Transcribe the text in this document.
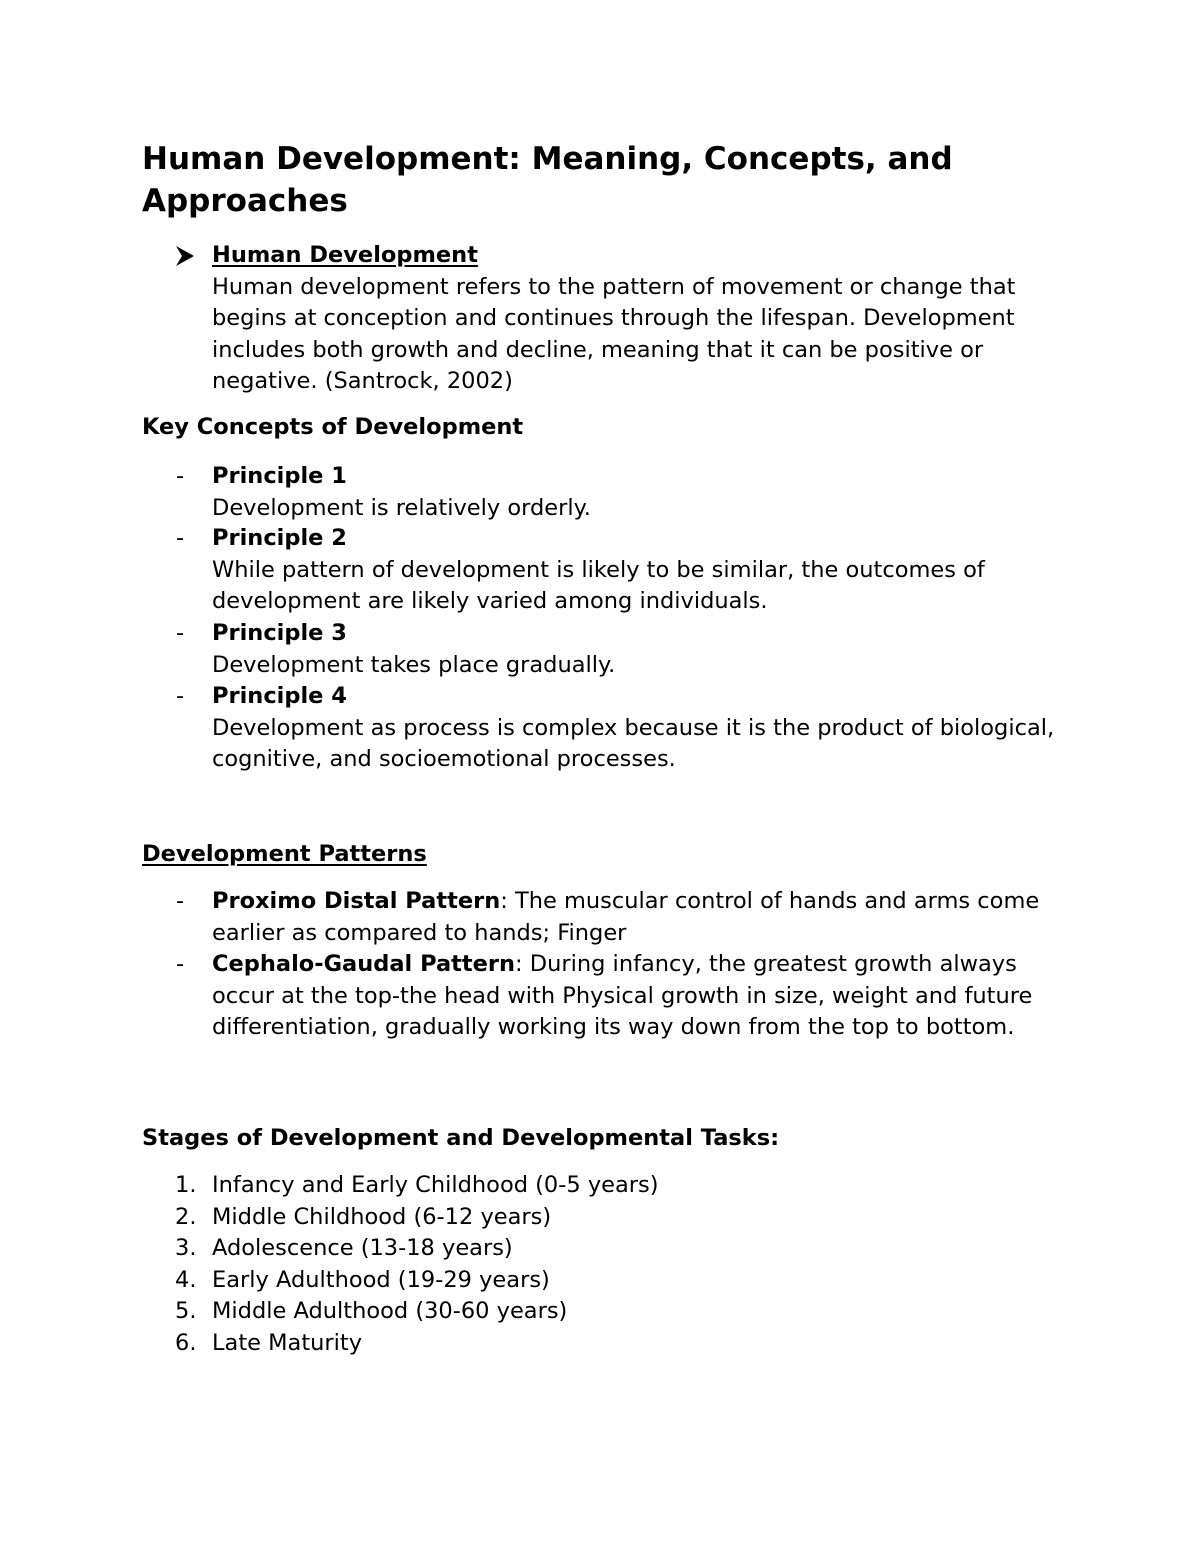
Human Development: Meaning, Concepts, and Approaches
Human Development
Human development refers to the pattern of movement or change that begins at conception and continues through the lifespan. Development includes both growth and decline, meaning that it can be positive or negative. (Santrock, 2002)
Key Concepts of Development
-	Principle 1
Development is relatively orderly.
-	Principle 2
While pattern of development is likely to be similar, the outcomes of development are likely varied among individuals.
-	Principle 3
Development takes place gradually.
-	Principle 4
Development as process is complex because it is the product of biological, cognitive, and socioemotional processes.
Development Patterns
-	Proximo Distal Pattern: The muscular control of hands and arms come earlier as compared to hands; Finger
-	Cephalo-Gaudal Pattern: During infancy, the greatest growth always occur at the top-the head with Physical growth in size, weight and future differentiation, gradually working its way down from the top to bottom.
Stages of Development and Developmental Tasks:
1. Infancy and Early Childhood (0-5 years)
2. Middle Childhood (6-12 years)
3. Adolescence (13-18 years)
4. Early Adulthood (19-29 years)
5. Middle Adulthood (30-60 years)
6. Late Maturity
